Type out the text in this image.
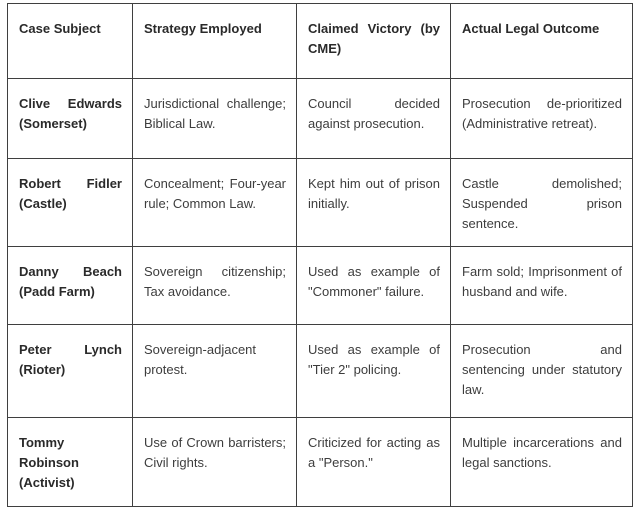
Case Subject	Strategy Employed	Claimed Victory (by CME)	Actual Legal Outcome
Clive Edwards (Somerset)	Jurisdictional challenge; Biblical Law.	Council decided against prosecution.	Prosecution de-prioritized (Administrative retreat).
Robert Fidler (Castle)	Concealment; Four-year rule; Common Law.	Kept him out of prison initially.	Castle demolished; Suspended prison sentence.
Danny Beach (Padd Farm)	Sovereign citizenship; Tax avoidance.	Used as example of "Commoner" failure.	Farm sold; Imprisonment of husband and wife.
Peter Lynch (Rioter)	Sovereign-adjacent protest.	Used as example of "Tier 2" policing.	Prosecution and sentencing under statutory law.
Tommy Robinson (Activist)	Use of Crown barristers; Civil rights.	Criticized for acting as a "Person."	Multiple incarcerations and legal sanctions.
